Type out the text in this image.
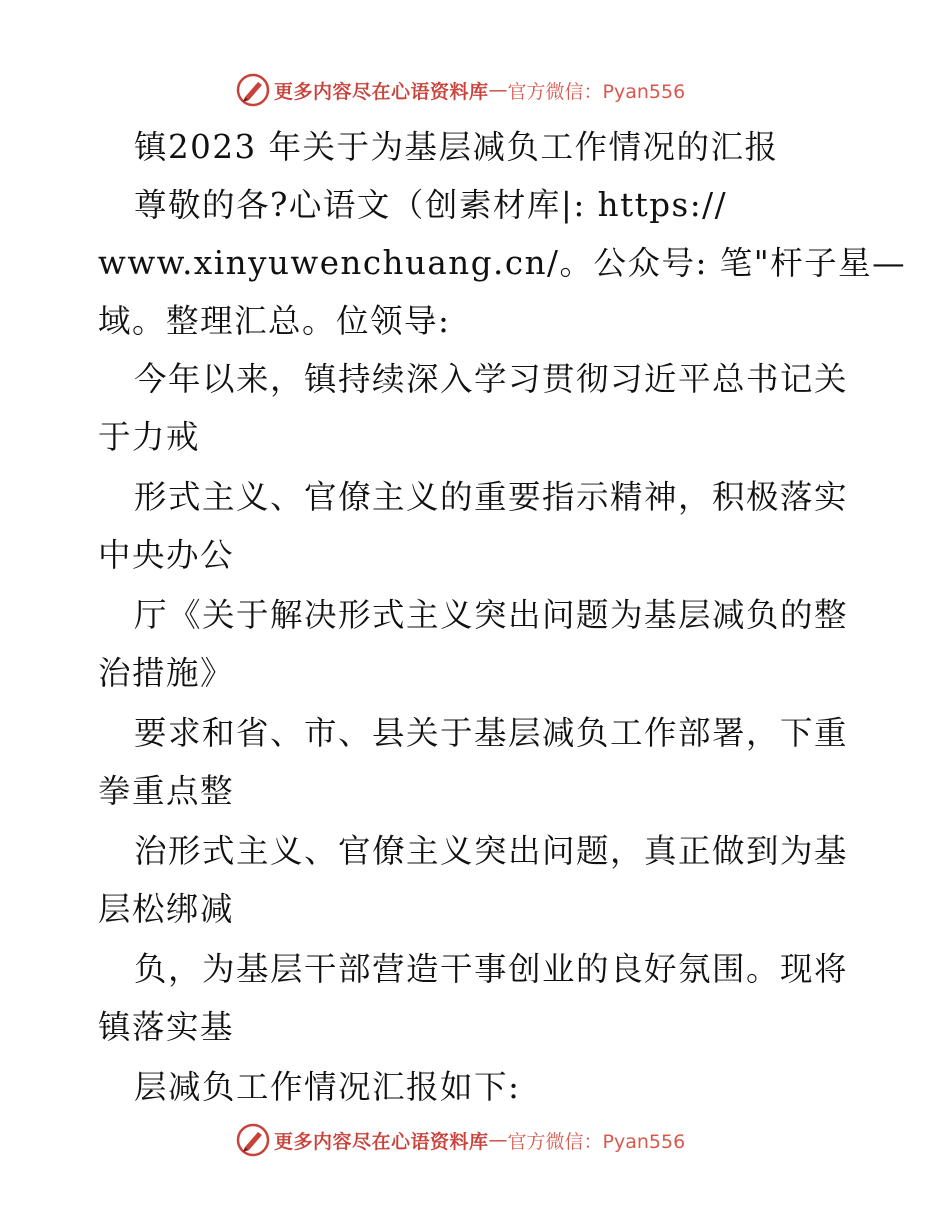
更多内容尽在心语资料库 — 官方微信：Pyan556
镇2023 年关于为基层减负工作情况的汇报
尊敬的各?心语文（创素材库|: https://
www.xinyuwenchuang.cn/。公众号: 笔"杆子星—
域。整理汇总。位领导:
今年以来，镇持续深入学习贯彻习近平总书记关
于力戒
形式主义、官僚主义的重要指示精神，积极落实
中央办公
厅《关于解决形式主义突出问题为基层减负的整
治措施》
要求和省、市、县关于基层减负工作部署，下重
拳重点整
治形式主义、官僚主义突出问题，真正做到为基
层松绑减
负，为基层干部营造干事创业的良好氛围。现将
镇落实基
层减负工作情况汇报如下:
更多内容尽在心语资料库 — 官方微信：Pyan556
